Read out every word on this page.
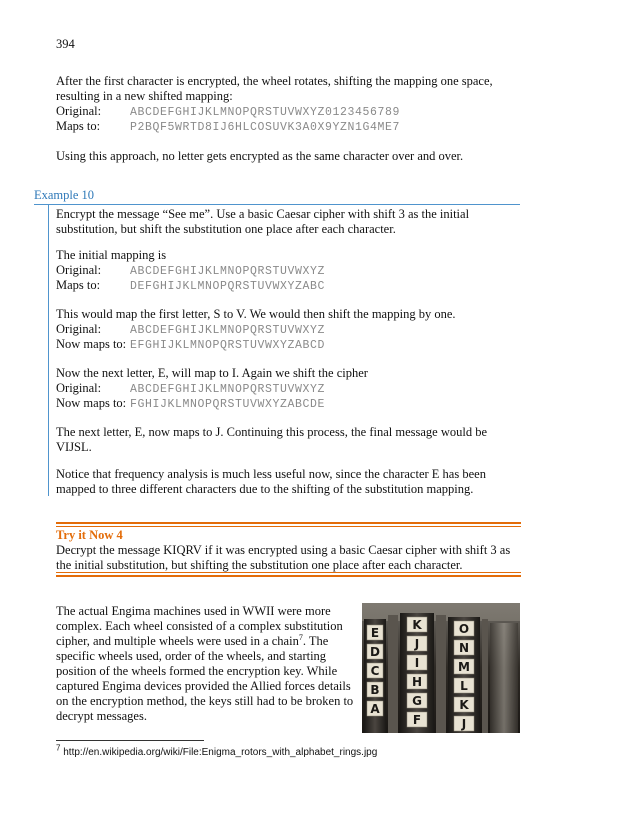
394
After the first character is encrypted, the wheel rotates, shifting the mapping one space,
resulting in a new shifted mapping:
Original:	ABCDEFGHIJKLMNOPQRSTUVWXYZ0123456789
Maps to:	P2BQF5WRTD8IJ6HLCOSUVK3A0X9YZN1G4ME7
Using this approach, no letter gets encrypted as the same character over and over.
Example 10
Encrypt the message “See me”. Use a basic Caesar cipher with shift 3 as the initial
substitution, but shift the substitution one place after each character.
The initial mapping is
Original:	ABCDEFGHIJKLMNOPQRSTUVWXYZ
Maps to:	DEFGHIJKLMNOPQRSTUVWXYZABC
This would map the first letter, S to V. We would then shift the mapping by one.
Original:	ABCDEFGHIJKLMNOPQRSTUVWXYZ
Now maps to: EFGHIJKLMNOPQRSTUVWXYZABCD
Now the next letter, E, will map to I. Again we shift the cipher
Original:	ABCDEFGHIJKLMNOPQRSTUVWXYZ
Now maps to: FGHIJKLMNOPQRSTUVWXYZABCDE
The next letter, E, now maps to J. Continuing this process, the final message would be
VIJSL.
Notice that frequency analysis is much less useful now, since the character E has been
mapped to three different characters due to the shifting of the substitution mapping.
Try it Now 4
Decrypt the message KIQRV if it was encrypted using a basic Caesar cipher with shift 3 as
the initial substitution, but shifting the substitution one place after each character.
The actual Engima machines used in WWII were more
complex. Each wheel consisted of a complex substitution
cipher, and multiple wheels were used in a chain$^7$. The
specific wheels used, order of the wheels, and starting
position of the wheels formed the encryption key. While
captured Engima devices provided the Allied forces details
on the encryption method, the keys still had to be broken to
decrypt messages.
E
D
C
B
A
K
J
I
H
G
F
O
N
M
L
K
J
$^7$ http://en.wikipedia.org/wiki/File:Enigma_rotors_with_alphabet_rings.jpg
